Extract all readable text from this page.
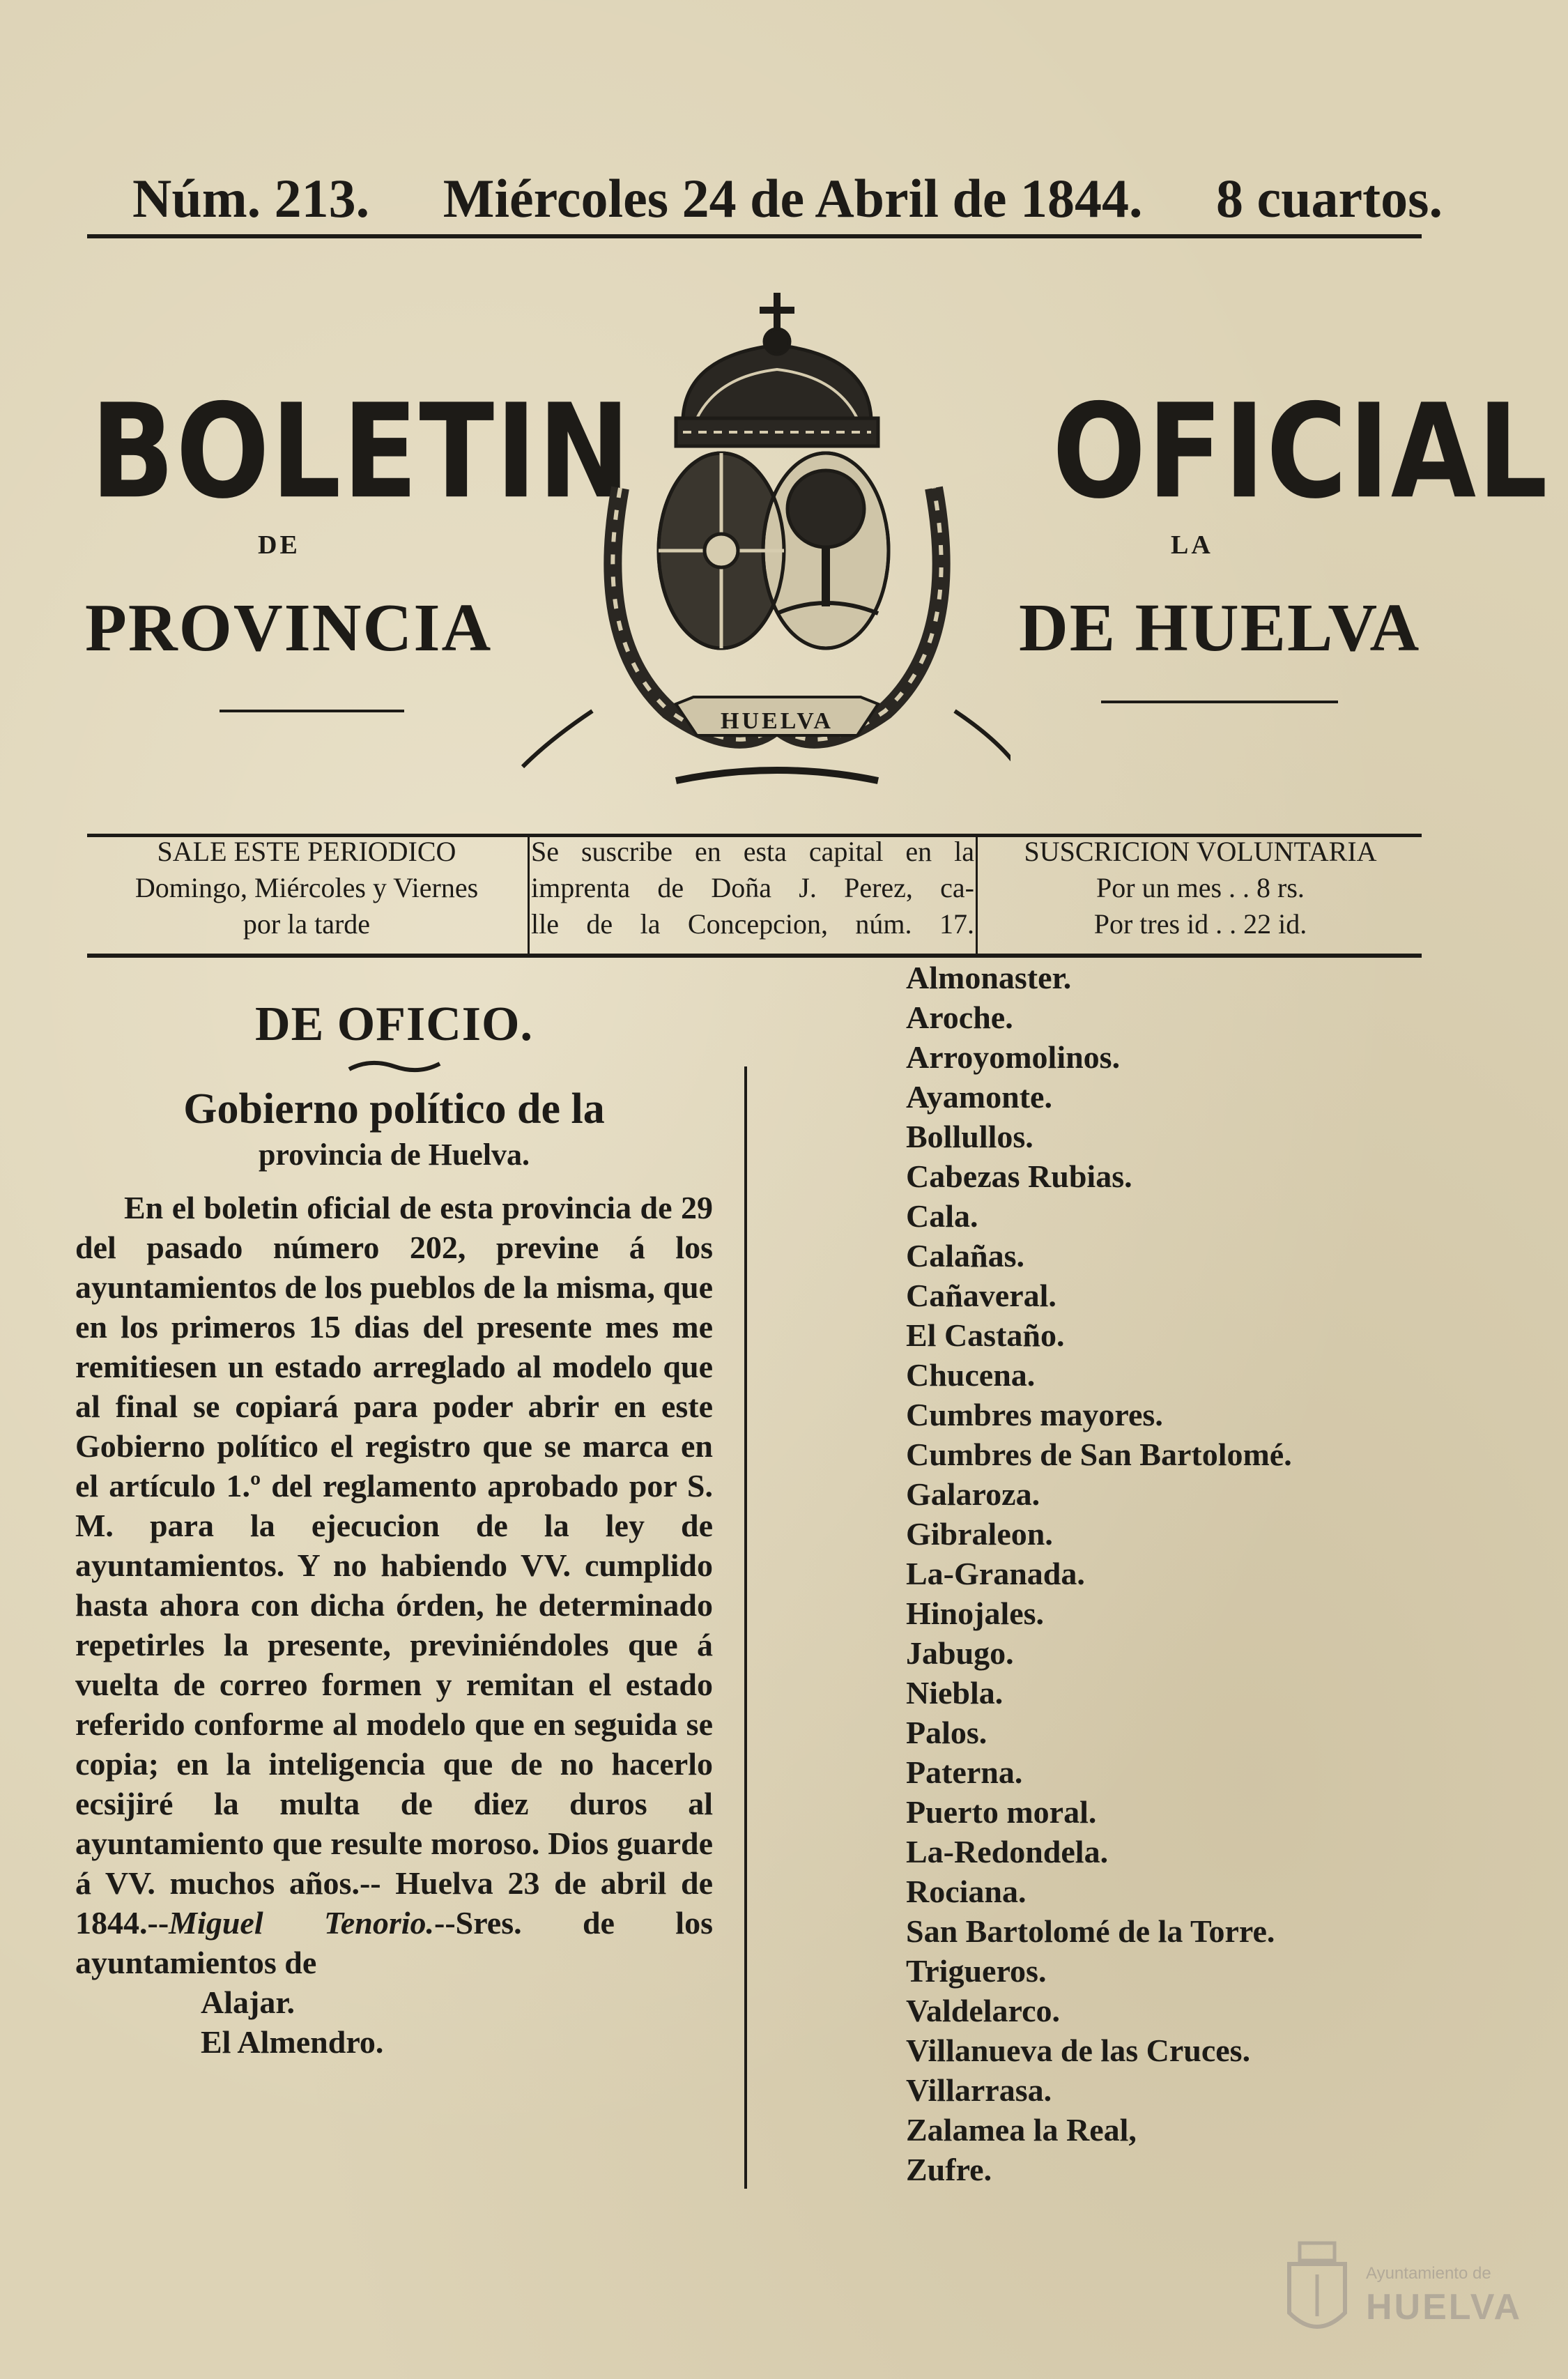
Núm. 213. Miércoles 24 de Abril de 1844. 8 cuartos.
BOLETIN	OFICIAL
DE	LA
PROVINCIA	DE HUELVA
HUELVA
SALE ESTE PERIODICO
Domingo, Miércoles y Viernes
por la tarde
Se suscribe en esta capital en la
imprenta de Doña J. Perez, ca-
lle de la Concepcion, núm. 17.
SUSCRICION VOLUNTARIA
Por un mes . . 8 rs.
Por tres id . . 22 id.
DE OFICIO.
Gobierno político de la
provincia de Huelva.
En el boletin oficial de esta provincia de 29 del pasado número 202, previne á los ayuntamientos de los pueblos de la misma, que en los primeros 15 dias del presente mes me remitiesen un estado arreglado al modelo que al final se copiará para poder abrir en este Gobierno político el registro que se marca en el artículo 1.º del reglamento aprobado por S. M. para la ejecucion de la ley de ayuntamientos. Y no habiendo VV. cumplido hasta ahora con dicha órden, he determinado repetirles la presente, previniéndoles que á vuelta de correo formen y remitan el estado referido conforme al modelo que en seguida se copia; en la inteligencia que de no hacerlo ecsijiré la multa de diez duros al ayuntamiento que resulte moroso. Dios guarde á VV. muchos años.-- Huelva 23 de abril de 1844.--Miguel Tenorio.--Sres. de los ayuntamientos de
Alajar.
El Almendro.
Almonaster.
Aroche.
Arroyomolinos.
Ayamonte.
Bollullos.
Cabezas Rubias.
Cala.
Calañas.
Cañaveral.
El Castaño.
Chucena.
Cumbres mayores.
Cumbres de San Bartolomé.
Galaroza.
Gibraleon.
La-Granada.
Hinojales.
Jabugo.
Niebla.
Palos.
Paterna.
Puerto moral.
La-Redondela.
Rociana.
San Bartolomé de la Torre.
Trigueros.
Valdelarco.
Villanueva de las Cruces.
Villarrasa.
Zalamea la Real,
Zufre.
Ayuntamiento de
HUELVA
